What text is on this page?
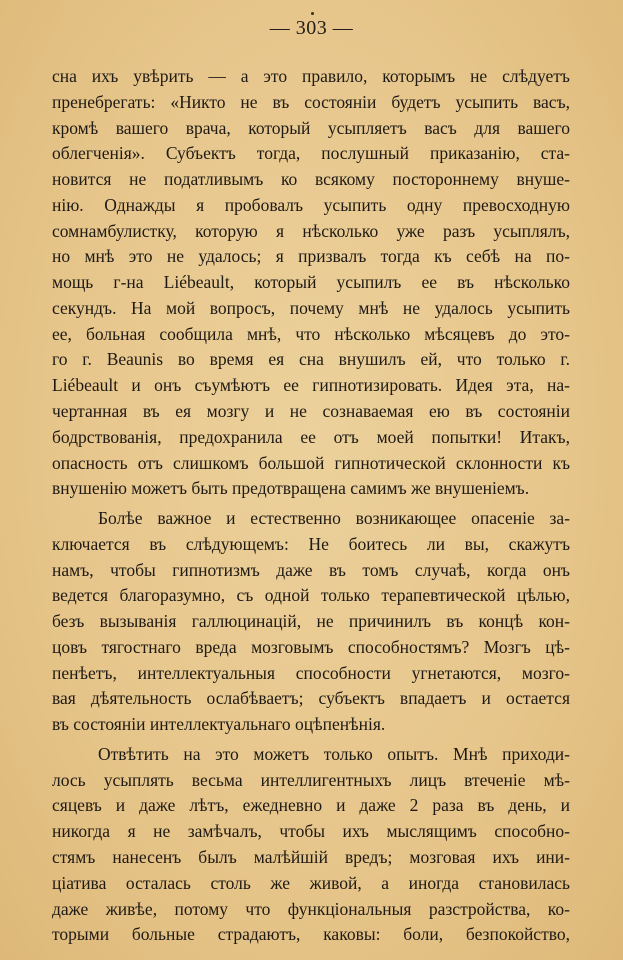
— 303 —
сна ихъ увѣрить — а это правило, которымъ не слѣдуетъ
пренебрегать: «Никто не въ состоянiи будетъ усыпить васъ,
кромѣ вашего врача, который усыпляетъ васъ для вашего
облегченiя». Субъектъ тогда, послушный приказанiю, ста-
новится не податливымъ ко всякому постороннему внуше-
нiю. Однажды я пробовалъ усыпить одну превосходную
сомнамбулистку, которую я нѣсколько уже разъ усыплялъ,
но мнѣ это не удалось; я призвалъ тогда къ себѣ на по-
мощь г-на Liébeault, который усыпилъ ее въ нѣсколько
секундъ. На мой вопросъ, почему мнѣ не удалось усыпить
ее, больная сообщила мнѣ, что нѣсколько мѣсяцевъ до это-
го г. Beaunis во время ея сна внушилъ ей, что только г.
Liébeault и онъ съумѣютъ ее гипнотизировать. Идея эта, на-
чертанная въ ея мозгу и не сознаваемая ею въ состоянiи
бодрствованiя, предохранила ее отъ моей попытки! Итакъ,
опасность отъ слишкомъ большой гипнотической склонности къ
внушенiю можетъ быть предотвращена самимъ же внушенiемъ.
Болѣе важное и естественно возникающее опасенiе за-
ключается въ слѣдующемъ: Не боитесь ли вы, скажутъ
намъ, чтобы гипнотизмъ даже въ томъ случаѣ, когда онъ
ведется благоразумно, съ одной только терапевтической цѣлью,
безъ вызыванiя галлюцинацiй, не причинилъ въ концѣ кон-
цовъ тягостнаго вреда мозговымъ способностямъ? Мозгъ цѣ-
пенѣетъ, интеллектуальныя способности угнетаются, мозго-
вая дѣятельность ослабѣваетъ; субъектъ впадаетъ и остается
въ состоянiи интеллектуальнаго оцѣпенѣнiя.
Отвѣтить на это можетъ только опытъ. Мнѣ приходи-
лось усыплять весьма интеллигентныхъ лицъ втеченiе мѣ-
сяцевъ и даже лѣтъ, ежедневно и даже 2 раза въ день, и
никогда я не замѣчалъ, чтобы ихъ мыслящимъ способно-
стямъ нанесенъ былъ малѣйшiй вредъ; мозговая ихъ ини-
цiатива осталась столь же живой, а иногда становилась
даже живѣе, потому что функцiональныя разстройства, ко-
торыми больные страдаютъ, каковы: боли, безпокойство,
